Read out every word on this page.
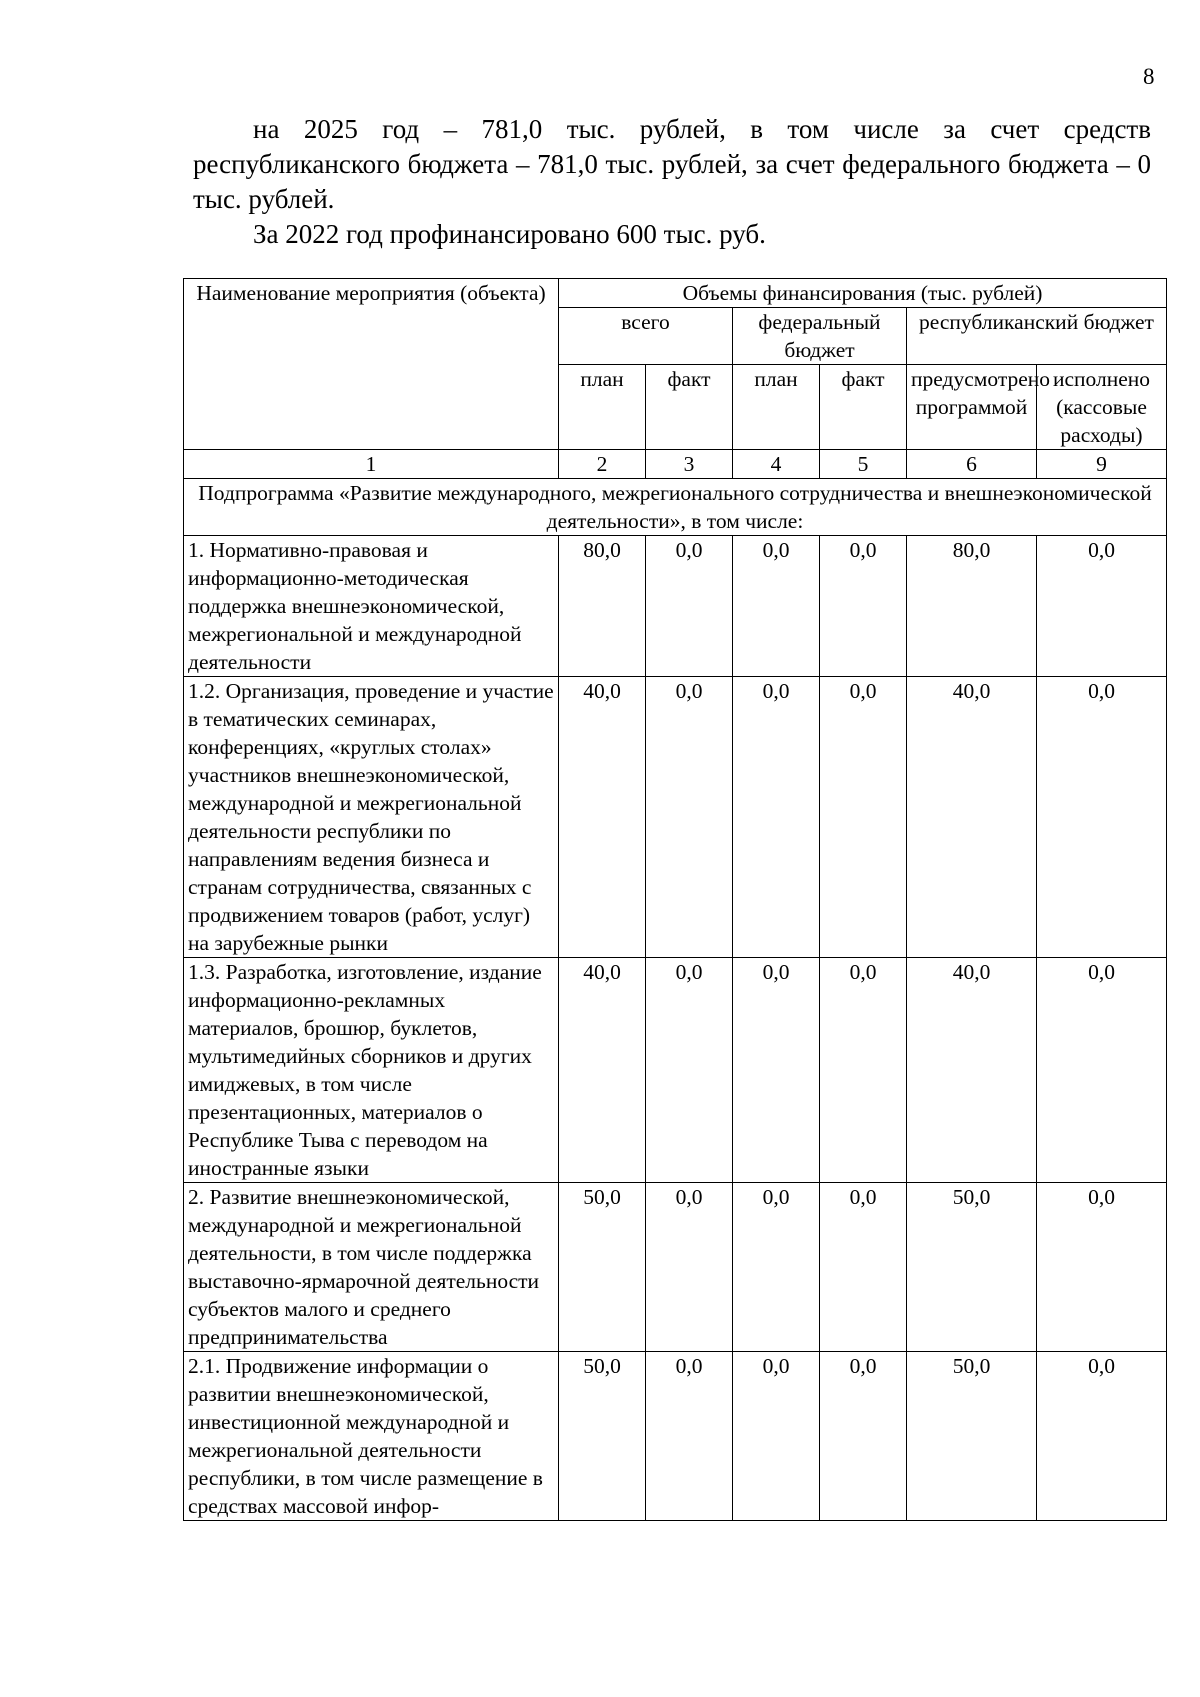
8

на 2025 год – 781,0 тыс. рублей, в том числе за счет средств республиканского бюджета – 781,0 тыс. рублей, за счет федерального бюджета – 0 тыс. рублей.

За 2022 год профинансировано 600 тыс. руб.

Наименование мероприятия (объекта)	Объемы финансирования (тыс. рублей)					
	всего		федеральный бюджет		республиканский бюджет	
	план	факт	план	факт	предусмотрено программой	исполнено (кассовые расходы)
1	2	3	4	5	6	9
Подпрограмма «Развитие международного, межрегионального сотрудничества и внешнеэкономической деятельности», в том числе:						
1. Нормативно-правовая и информационно-методическая поддержка внешнеэкономической, межрегиональной и международной деятельности	80,0	0,0	0,0	0,0	80,0	0,0
1.2. Организация, проведение и участие в тематических семинарах, конференциях, «круглых столах» участников внешнеэкономической, международной и межрегиональной деятельности республики по направлениям ведения бизнеса и странам сотрудничества, связанных с продвижением товаров (работ, услуг) на зарубежные рынки	40,0	0,0	0,0	0,0	40,0	0,0
1.3. Разработка, изготовление, издание информационно-рекламных материалов, брошюр, буклетов, мультимедийных сборников и других имиджевых, в том числе презентационных, материалов о Республике Тыва с переводом на иностранные языки	40,0	0,0	0,0	0,0	40,0	0,0
2. Развитие внешнеэкономической, международной и межрегиональной деятельности, в том числе поддержка выставочно-ярмарочной деятельности субъектов малого и среднего предпринимательства	50,0	0,0	0,0	0,0	50,0	0,0
2.1. Продвижение информации о развитии внешнеэкономической, инвестиционной международной и межрегиональной деятельности республики, в том числе размещение в средствах массовой инфор-	50,0	0,0	0,0	0,0	50,0	0,0
